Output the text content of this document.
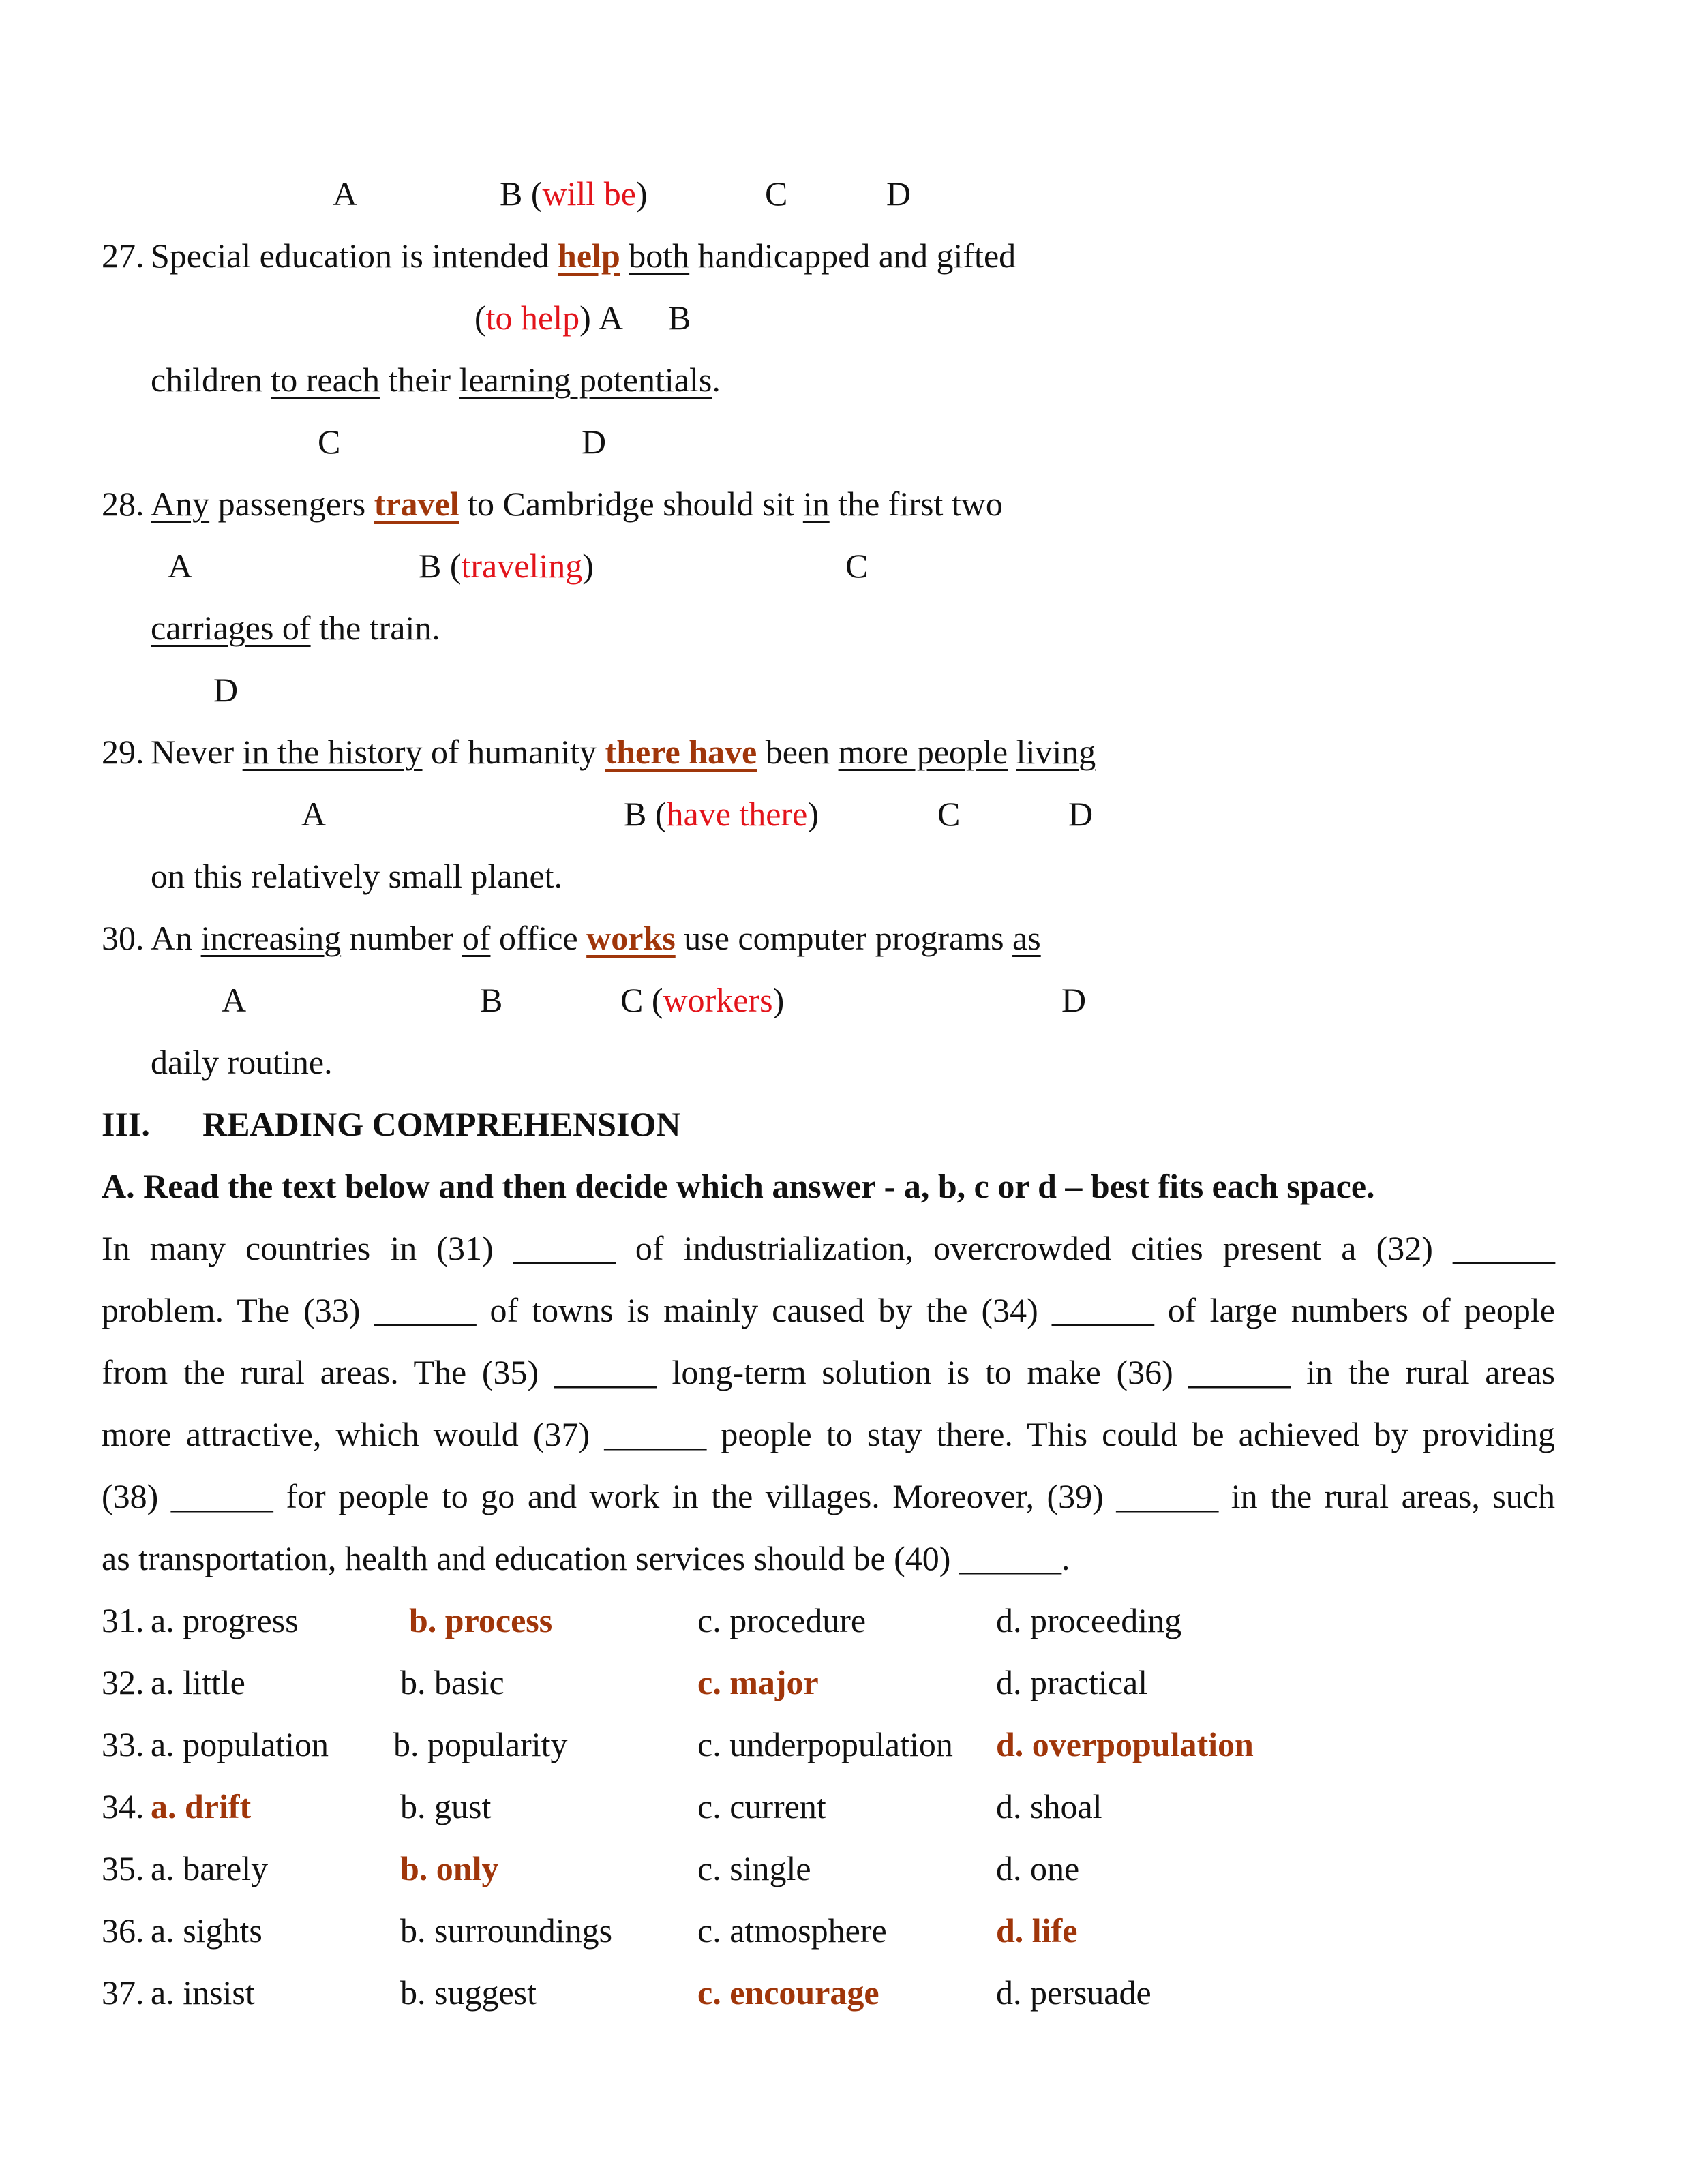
A

	B (will be)

	C

	D

27.

Special education is intended help both handicapped and gifted

(to help)

A

B

children to reach their learning potentials.

C

	D

28.

Any passengers travel to Cambridge should sit in the first two

A

	B (traveling)

	C

carriages of the train.

D

29.

Never in the history of humanity there have been more people living

A

	B (have there)

	C

	D

on this relatively small planet.

30.

An increasing number of office works use computer programs as

A

	B

	C (workers)

	D

daily routine.

III.

READING COMPREHENSION

A. Read the text below and then decide which answer - a, b, c or d – best fits each space.

In many countries in (31) ______ of industrialization, overcrowded cities present a (32) ______
problem. The (33) ______ of towns is mainly caused by the (34) ______ of large numbers of people
from the rural areas. The (35) ______ long-term solution is to make (36) ______ in the rural areas
more attractive, which would (37) ______ people to stay there. This could be achieved by providing
(38) ______ for people to go and work in the villages. Moreover, (39) ______ in the rural areas, such
as transportation, health and education services should be (40) ______.
31. a. progress	b. process	c. procedure	d. proceeding
32. a. little	b. basic	c. major	d. practical
33. a. population b. popularity	c. underpopulation d. overpopulation
34. a. drift	b. gust	c. current	d. shoal
35. a. barely	b. only	c. single	d. one
36. a. sights	b. surroundings c. atmosphere	d. life
37. a. insist	b. suggest	c. encourage	d. persuade
